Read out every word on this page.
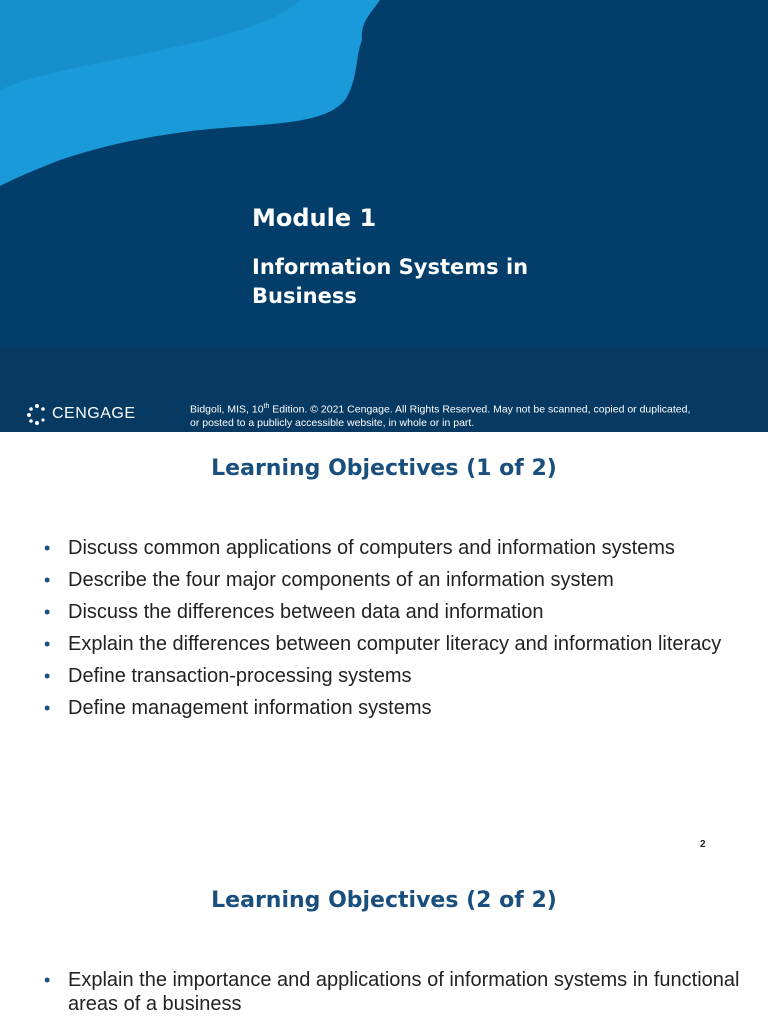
Module 1

Information Systems in Business

CENGAGE	Bidgoli, MIS, 10th Edition. © 2021 Cengage. All Rights Reserved. May not be scanned, copied or duplicated,
or posted to a publicly accessible website, in whole or in part.
Learning Objectives (1 of 2)
• Discuss common applications of computers and information systems
• Describe the four major components of an information system
• Discuss the differences between data and information
• Explain the differences between computer literacy and information literacy
• Define transaction-processing systems
• Define management information systems
2
Learning Objectives (2 of 2)
• Explain the importance and applications of information systems in functional areas of a business
